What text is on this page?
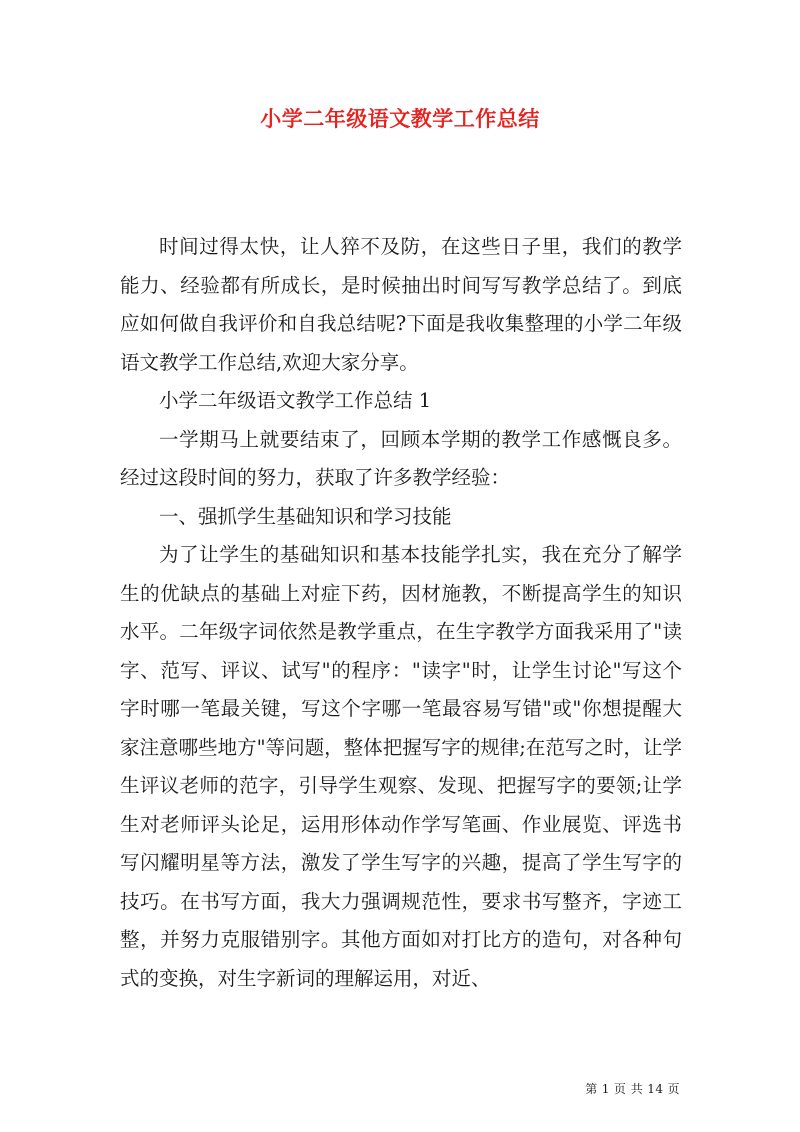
小学二年级语文教学工作总结

时间过得太快，让人猝不及防，在这些日子里，我们的教学能力、经验都有所成长，是时候抽出时间写写教学总结了。到底应如何做自我评价和自我总结呢?下面是我收集整理的小学二年级语文教学工作总结,欢迎大家分享。

小学二年级语文教学工作总结 1

一学期马上就要结束了，回顾本学期的教学工作感慨良多。经过这段时间的努力，获取了许多教学经验：

一、强抓学生基础知识和学习技能

为了让学生的基础知识和基本技能学扎实，我在充分了解学生的优缺点的基础上对症下药，因材施教，不断提高学生的知识水平。二年级字词依然是教学重点，在生字教学方面我采用了"读字、范写、评议、试写"的程序："读字"时，让学生讨论"写这个字时哪一笔最关键，写这个字哪一笔最容易写错"或"你想提醒大家注意哪些地方"等问题，整体把握写字的规律;在范写之时，让学生评议老师的范字，引导学生观察、发现、把握写字的要领;让学生对老师评头论足，运用形体动作学写笔画、作业展览、评选书写闪耀明星等方法，激发了学生写字的兴趣，提高了学生写字的技巧。在书写方面，我大力强调规范性，要求书写整齐，字迹工整，并努力克服错别字。其他方面如对打比方的造句，对各种句式的变换，对生字新词的理解运用，对近、

第 1 页 共 14 页
